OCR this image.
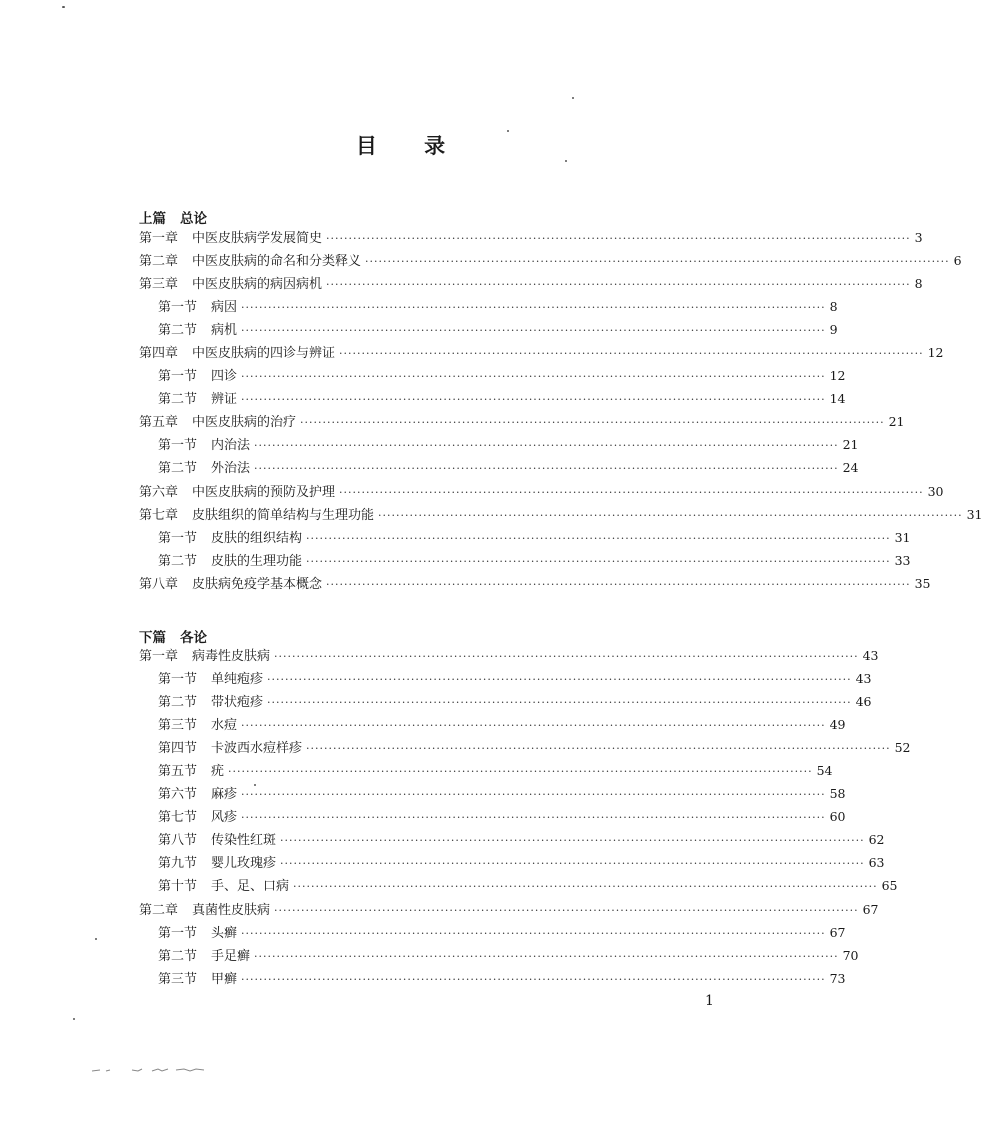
目 录
上篇 总论
第一章 中医皮肤病学发展简史 ·································································································································· 3
第二章 中医皮肤病的命名和分类释义 ·································································································································· 6
第三章 中医皮肤病的病因病机 ·································································································································· 8
第一节 病因 ·································································································································· 8
第二节 病机 ·································································································································· 9
第四章 中医皮肤病的四诊与辨证 ·································································································································· 12
第一节 四诊 ·································································································································· 12
第二节 辨证 ·································································································································· 14
第五章 中医皮肤病的治疗 ·································································································································· 21
第一节 内治法 ·································································································································· 21
第二节 外治法 ·································································································································· 24
第六章 中医皮肤病的预防及护理 ·································································································································· 30
第七章 皮肤组织的简单结构与生理功能 ·································································································································· 31
第一节 皮肤的组织结构 ·································································································································· 31
第二节 皮肤的生理功能 ·································································································································· 33
第八章 皮肤病免疫学基本概念 ·································································································································· 35
下篇 各论
第一章 病毒性皮肤病 ·································································································································· 43
第一节 单纯疱疹 ·································································································································· 43
第二节 带状疱疹 ·································································································································· 46
第三节 水痘 ·································································································································· 49
第四节 卡波西水痘样疹 ·································································································································· 52
第五节 疣 ·································································································································· 54
第六节 麻疹 ·································································································································· 58
第七节 风疹 ·································································································································· 60
第八节 传染性红斑 ·································································································································· 62
第九节 婴儿玫瑰疹 ·································································································································· 63
第十节 手、足、口病 ·································································································································· 65
第二章 真菌性皮肤病 ·································································································································· 67
第一节 头癣 ·································································································································· 67
第二节 手足癣 ·································································································································· 70
第三节 甲癣 ·································································································································· 73
1
